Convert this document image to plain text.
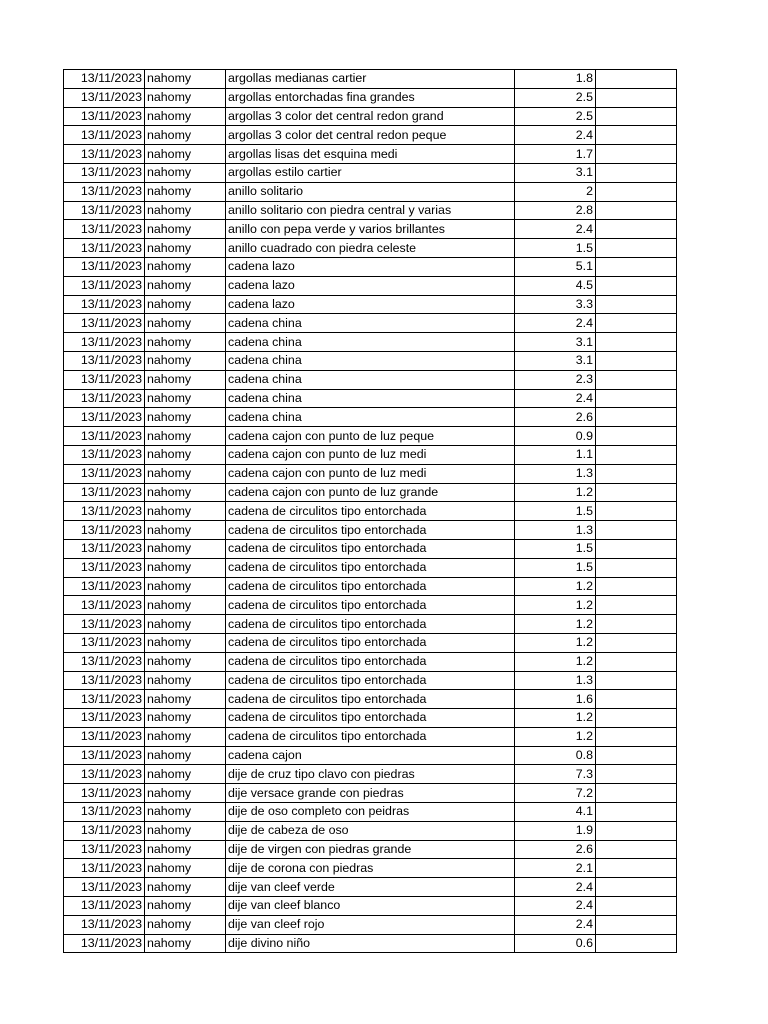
13/11/2023	nahomy	argollas medianas cartier	1.8	
13/11/2023	nahomy	argollas entorchadas fina grandes	2.5	
13/11/2023	nahomy	argollas 3 color det central redon grand	2.5	
13/11/2023	nahomy	argollas 3 color det central redon peque	2.4	
13/11/2023	nahomy	argollas lisas det esquina medi	1.7	
13/11/2023	nahomy	argollas estilo cartier	3.1	
13/11/2023	nahomy	anillo solitario	2	
13/11/2023	nahomy	anillo solitario con piedra central y varias	2.8	
13/11/2023	nahomy	anillo con pepa verde y varios brillantes	2.4	
13/11/2023	nahomy	anillo cuadrado con piedra celeste	1.5	
13/11/2023	nahomy	cadena lazo	5.1	
13/11/2023	nahomy	cadena lazo	4.5	
13/11/2023	nahomy	cadena lazo	3.3	
13/11/2023	nahomy	cadena china	2.4	
13/11/2023	nahomy	cadena china	3.1	
13/11/2023	nahomy	cadena china	3.1	
13/11/2023	nahomy	cadena china	2.3	
13/11/2023	nahomy	cadena china	2.4	
13/11/2023	nahomy	cadena china	2.6	
13/11/2023	nahomy	cadena cajon con punto de luz peque	0.9	
13/11/2023	nahomy	cadena cajon con punto de luz medi	1.1	
13/11/2023	nahomy	cadena cajon con punto de luz medi	1.3	
13/11/2023	nahomy	cadena cajon con punto de luz grande	1.2	
13/11/2023	nahomy	cadena de circulitos tipo entorchada	1.5	
13/11/2023	nahomy	cadena de circulitos tipo entorchada	1.3	
13/11/2023	nahomy	cadena de circulitos tipo entorchada	1.5	
13/11/2023	nahomy	cadena de circulitos tipo entorchada	1.5	
13/11/2023	nahomy	cadena de circulitos tipo entorchada	1.2	
13/11/2023	nahomy	cadena de circulitos tipo entorchada	1.2	
13/11/2023	nahomy	cadena de circulitos tipo entorchada	1.2	
13/11/2023	nahomy	cadena de circulitos tipo entorchada	1.2	
13/11/2023	nahomy	cadena de circulitos tipo entorchada	1.2	
13/11/2023	nahomy	cadena de circulitos tipo entorchada	1.3	
13/11/2023	nahomy	cadena de circulitos tipo entorchada	1.6	
13/11/2023	nahomy	cadena de circulitos tipo entorchada	1.2	
13/11/2023	nahomy	cadena de circulitos tipo entorchada	1.2	
13/11/2023	nahomy	cadena cajon	0.8	
13/11/2023	nahomy	dije de cruz tipo clavo con piedras	7.3	
13/11/2023	nahomy	dije versace grande con piedras	7.2	
13/11/2023	nahomy	dije de oso completo con peidras	4.1	
13/11/2023	nahomy	dije de cabeza de oso	1.9	
13/11/2023	nahomy	dije de virgen con piedras grande	2.6	
13/11/2023	nahomy	dije de corona con piedras	2.1	
13/11/2023	nahomy	dije van cleef verde	2.4	
13/11/2023	nahomy	dije van cleef blanco	2.4	
13/11/2023	nahomy	dije van cleef rojo	2.4	
13/11/2023	nahomy	dije divino niño	0.6	
